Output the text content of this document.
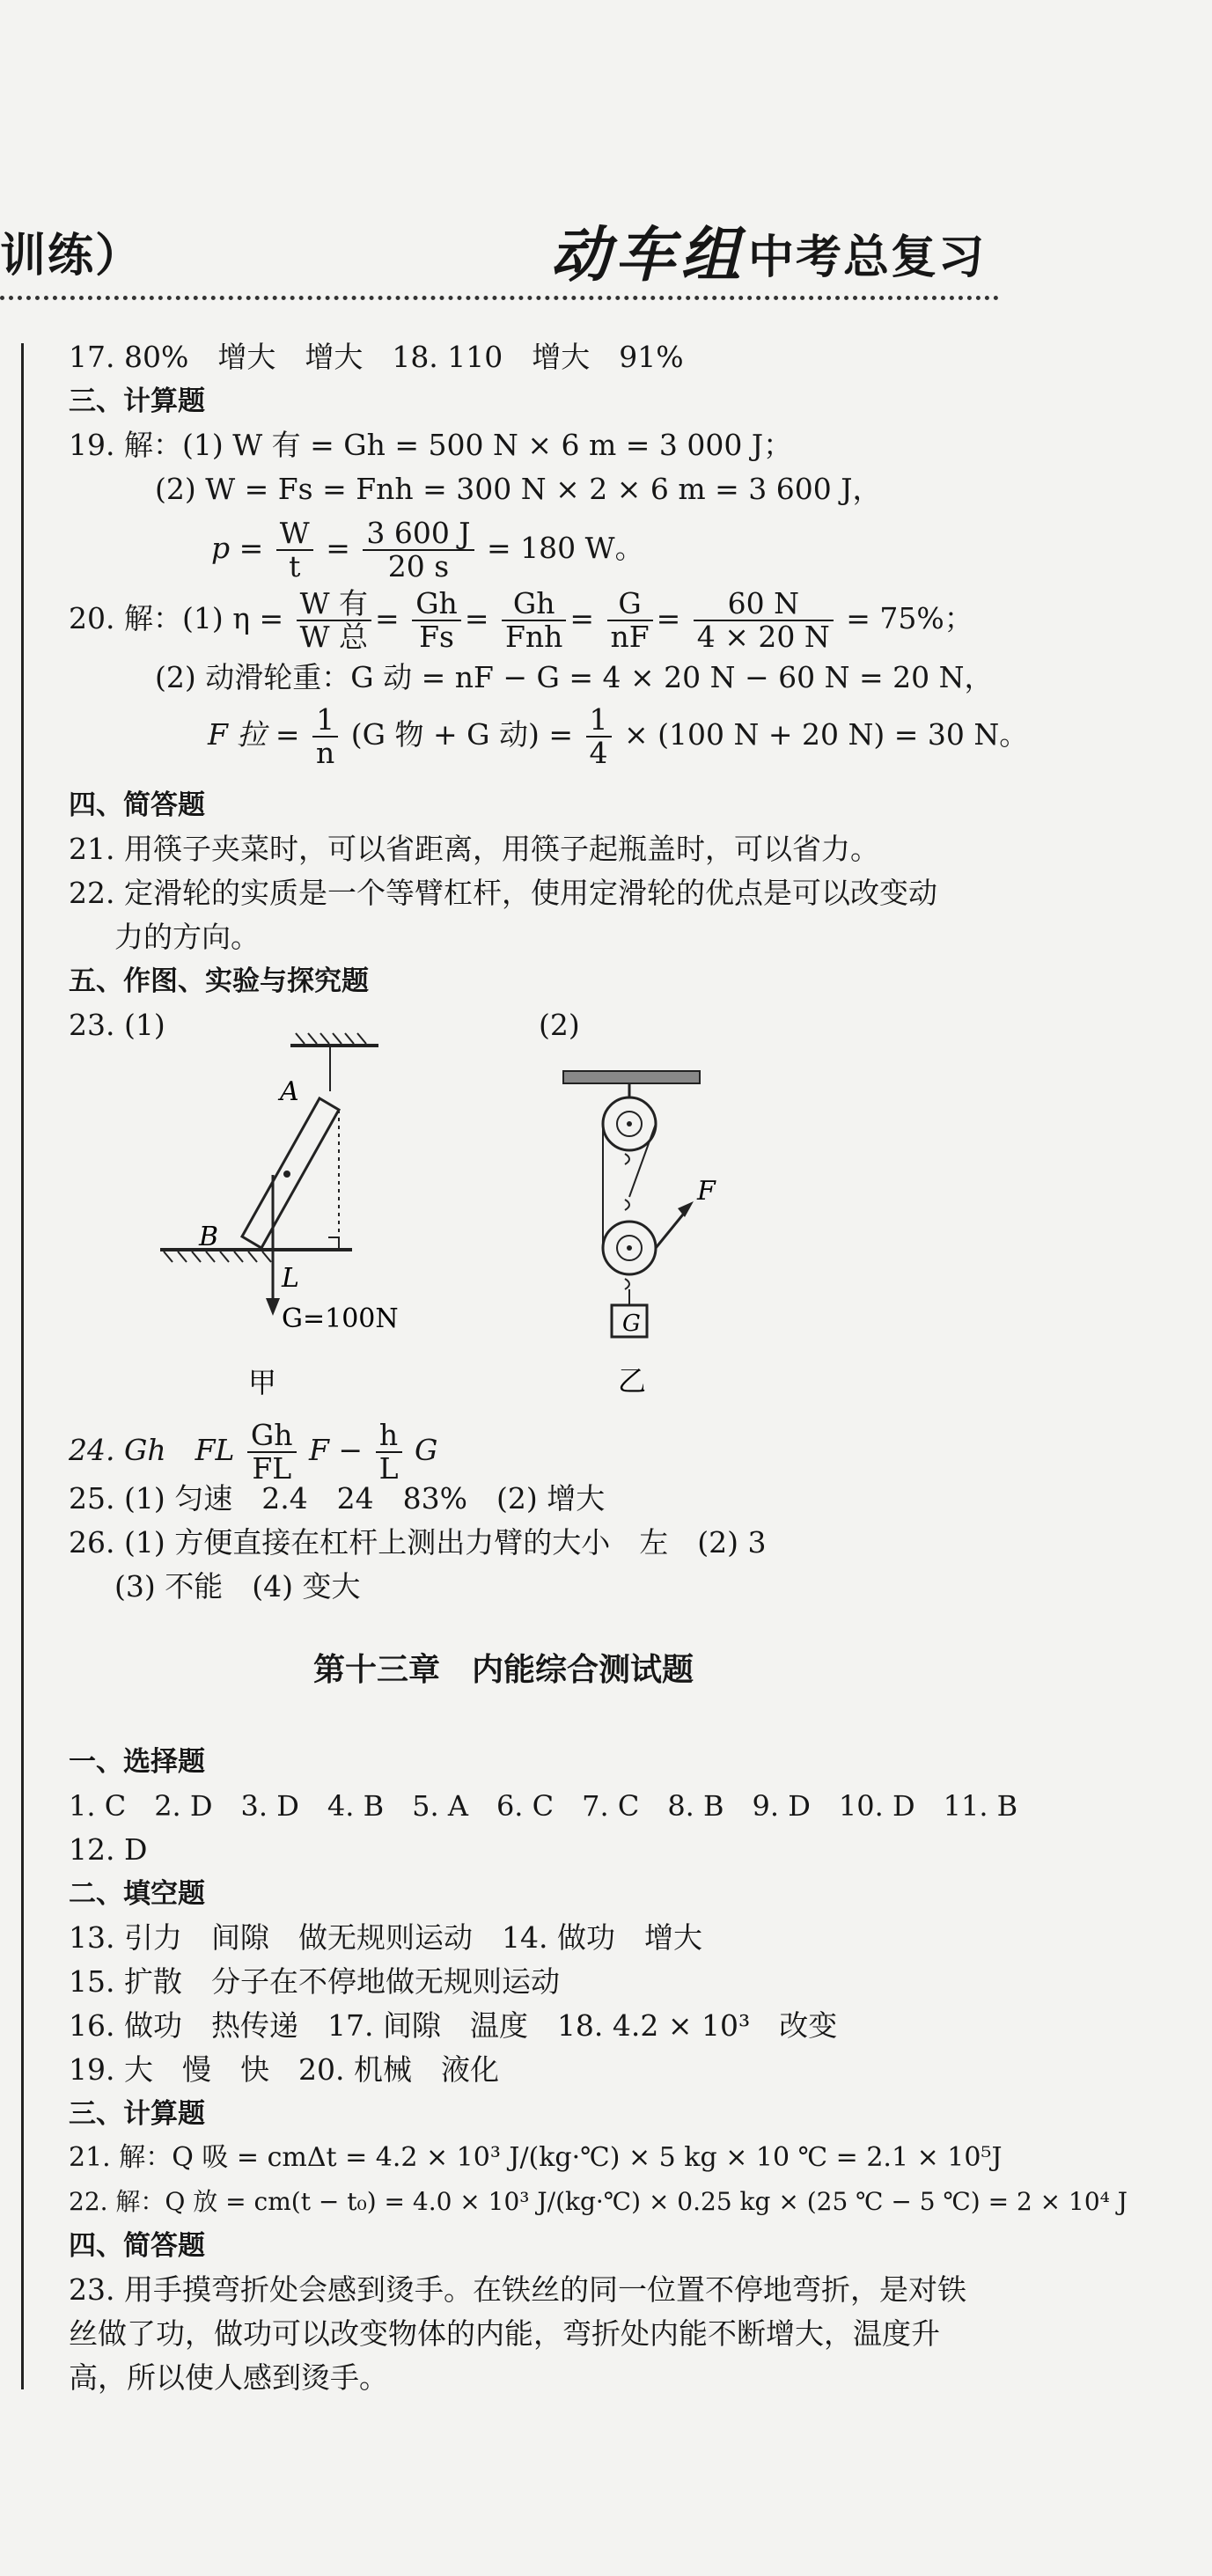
训练）	动车组 中考总复习
17. 80%　增大　增大　18. 110　增大　91%
三、计算题
19. 解：(1) W 有 = Gh = 500 N × 6 m = 3 000 J；
(2) W = Fs = Fnh = 300 N × 2 × 6 m = 3 600 J，
$p = \frac{W}{t} = \frac{3 600 J}{20 s} = 180$ W。
20. 解：(1) $\eta = \frac{\text{W 有}}{\text{W 总}} = \frac{Gh}{Fs} = \frac{Gh}{\text{Fnh}} = \frac{G}{nF} = \frac{60 N}{4 \times 20 N} = 75\%$；
(2) 动滑轮重：G 动 = nF − G = 4 × 20 N − 60 N = 20 N，
F 拉 = $\frac{1}{n} (G$ 物 + G 动) = $\frac{1}{4} \times (100$ N + 20 N) = 30 N。
四、简答题
21. 用筷子夹菜时，可以省距离，用筷子起瓶盖时，可以省力。
22. 定滑轮的实质是一个等臂杠杆，使用定滑轮的优点是可以改变动
力的方向。
五、作图、实验与探究题
23. (1)	(2)
A
B
L
G=100N
甲
G
F
乙
24. Gh　FL $\frac{Gh}{FL}$ $F - \frac{h}{L}$ G
25. (1) 匀速　2.4　24　83%　(2) 增大
26. (1) 方便直接在杠杆上测出力臂的大小　左　(2) 3
(3) 不能　(4) 变大
第十三章　内能综合测试题
一、选择题
1. C　2. D　3. D　4. B　5. A　6. C　7. C　8. B　9. D　10. D　11. B
12. D
二、填空题
13. 引力　间隙　做无规则运动　14. 做功　增大
15. 扩散　分子在不停地做无规则运动
16. 做功　热传递　17. 间隙　温度　18. 4.2 × 10³　改变
19. 大　慢　快　20. 机械　液化
三、计算题
21. 解：Q 吸 = cmΔt = 4.2 × 10³ J/(kg·℃) × 5 kg × 10 ℃ = 2.1 × 10⁵J
22. 解：Q 放 = cm(t − t₀) = 4.0 × 10³ J/(kg·℃) × 0.25 kg × (25 ℃ − 5 ℃) = 2 × 10⁴ J
四、简答题
23. 用手摸弯折处会感到烫手。在铁丝的同一位置不停地弯折，是对铁
丝做了功，做功可以改变物体的内能，弯折处内能不断增大，温度升
高，所以使人感到烫手。
